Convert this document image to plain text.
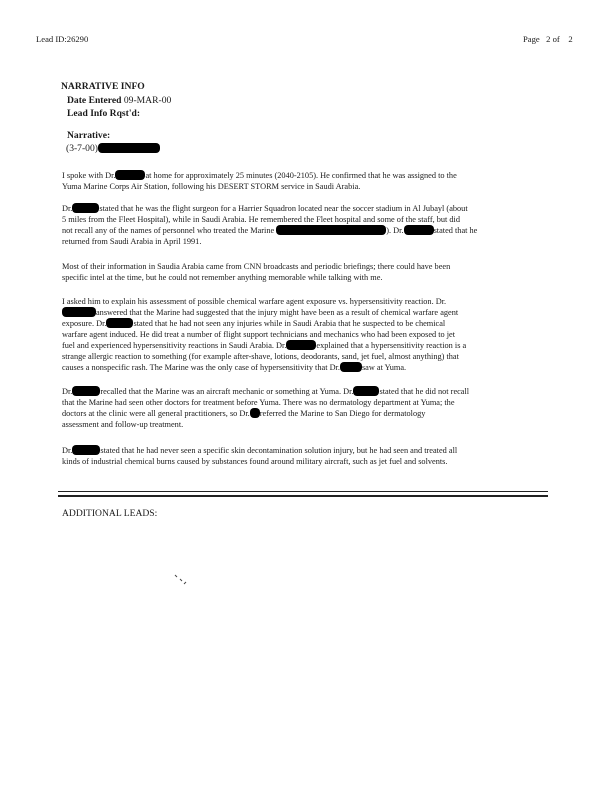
Lead ID:26290	Page   2 of    2
NARRATIVE INFO
Date Entered 09-MAR-00
Lead Info Rqst'd:
Narrative:
(3-7-00)
I spoke with Dr.	at home for approximately 25 minutes (2040-2105). He confirmed that he was assigned to the
Yuma Marine Corps Air Station, following his DESERT STORM service in Saudi Arabia.
Dr.	stated that he was the flight surgeon for a Harrier Squadron located near the soccer stadium in Al Jubayl (about
5 miles from the Fleet Hospital), while in Saudi Arabia. He remembered the Fleet hospital and some of the staff, but did
not recall any of the names of personnel who treated the Marine	). Dr.	stated that he
returned from Saudi Arabia in April 1991.
Most of their information in Saudia Arabia came from CNN broadcasts and periodic briefings; there could have been
specific intel at the time, but he could not remember anything memorable while talking with me.
I asked him to explain his assessment of possible chemical warfare agent exposure vs. hypersensitivity reaction. Dr.
answered that the Marine had suggested that the injury might have been as a result of chemical warfare agent
exposure. Dr.	stated that he had not seen any injuries while in Saudi Arabia that he suspected to be chemical
warfare agent induced. He did treat a number of flight support technicians and mechanics who had been exposed to jet
fuel and experienced hypersensitivity reactions in Saudi Arabia. Dr.	explained that a hypersensitivity reaction is a
strange allergic reaction to something (for example after-shave, lotions, deodorants, sand, jet fuel, almost anything) that
causes a nonspecific rash. The Marine was the only case of hypersensitivity that Dr.	saw at Yuma.
Dr.	recalled that the Marine was an aircraft mechanic or something at Yuma. Dr.	stated that he did not recall
that the Marine had seen other doctors for treatment before Yuma. There was no dermatology department at Yuma; the
doctors at the clinic were all general practitioners, so Dr. referred the Marine to San Diego for dermatology
assessment and follow-up treatment.
Dr.	stated that he had never seen a specific skin decontamination solution injury, but he had seen and treated all
kinds of industrial chemical burns caused by substances found around military aircraft, such as jet fuel and solvents.
ADDITIONAL LEADS:
